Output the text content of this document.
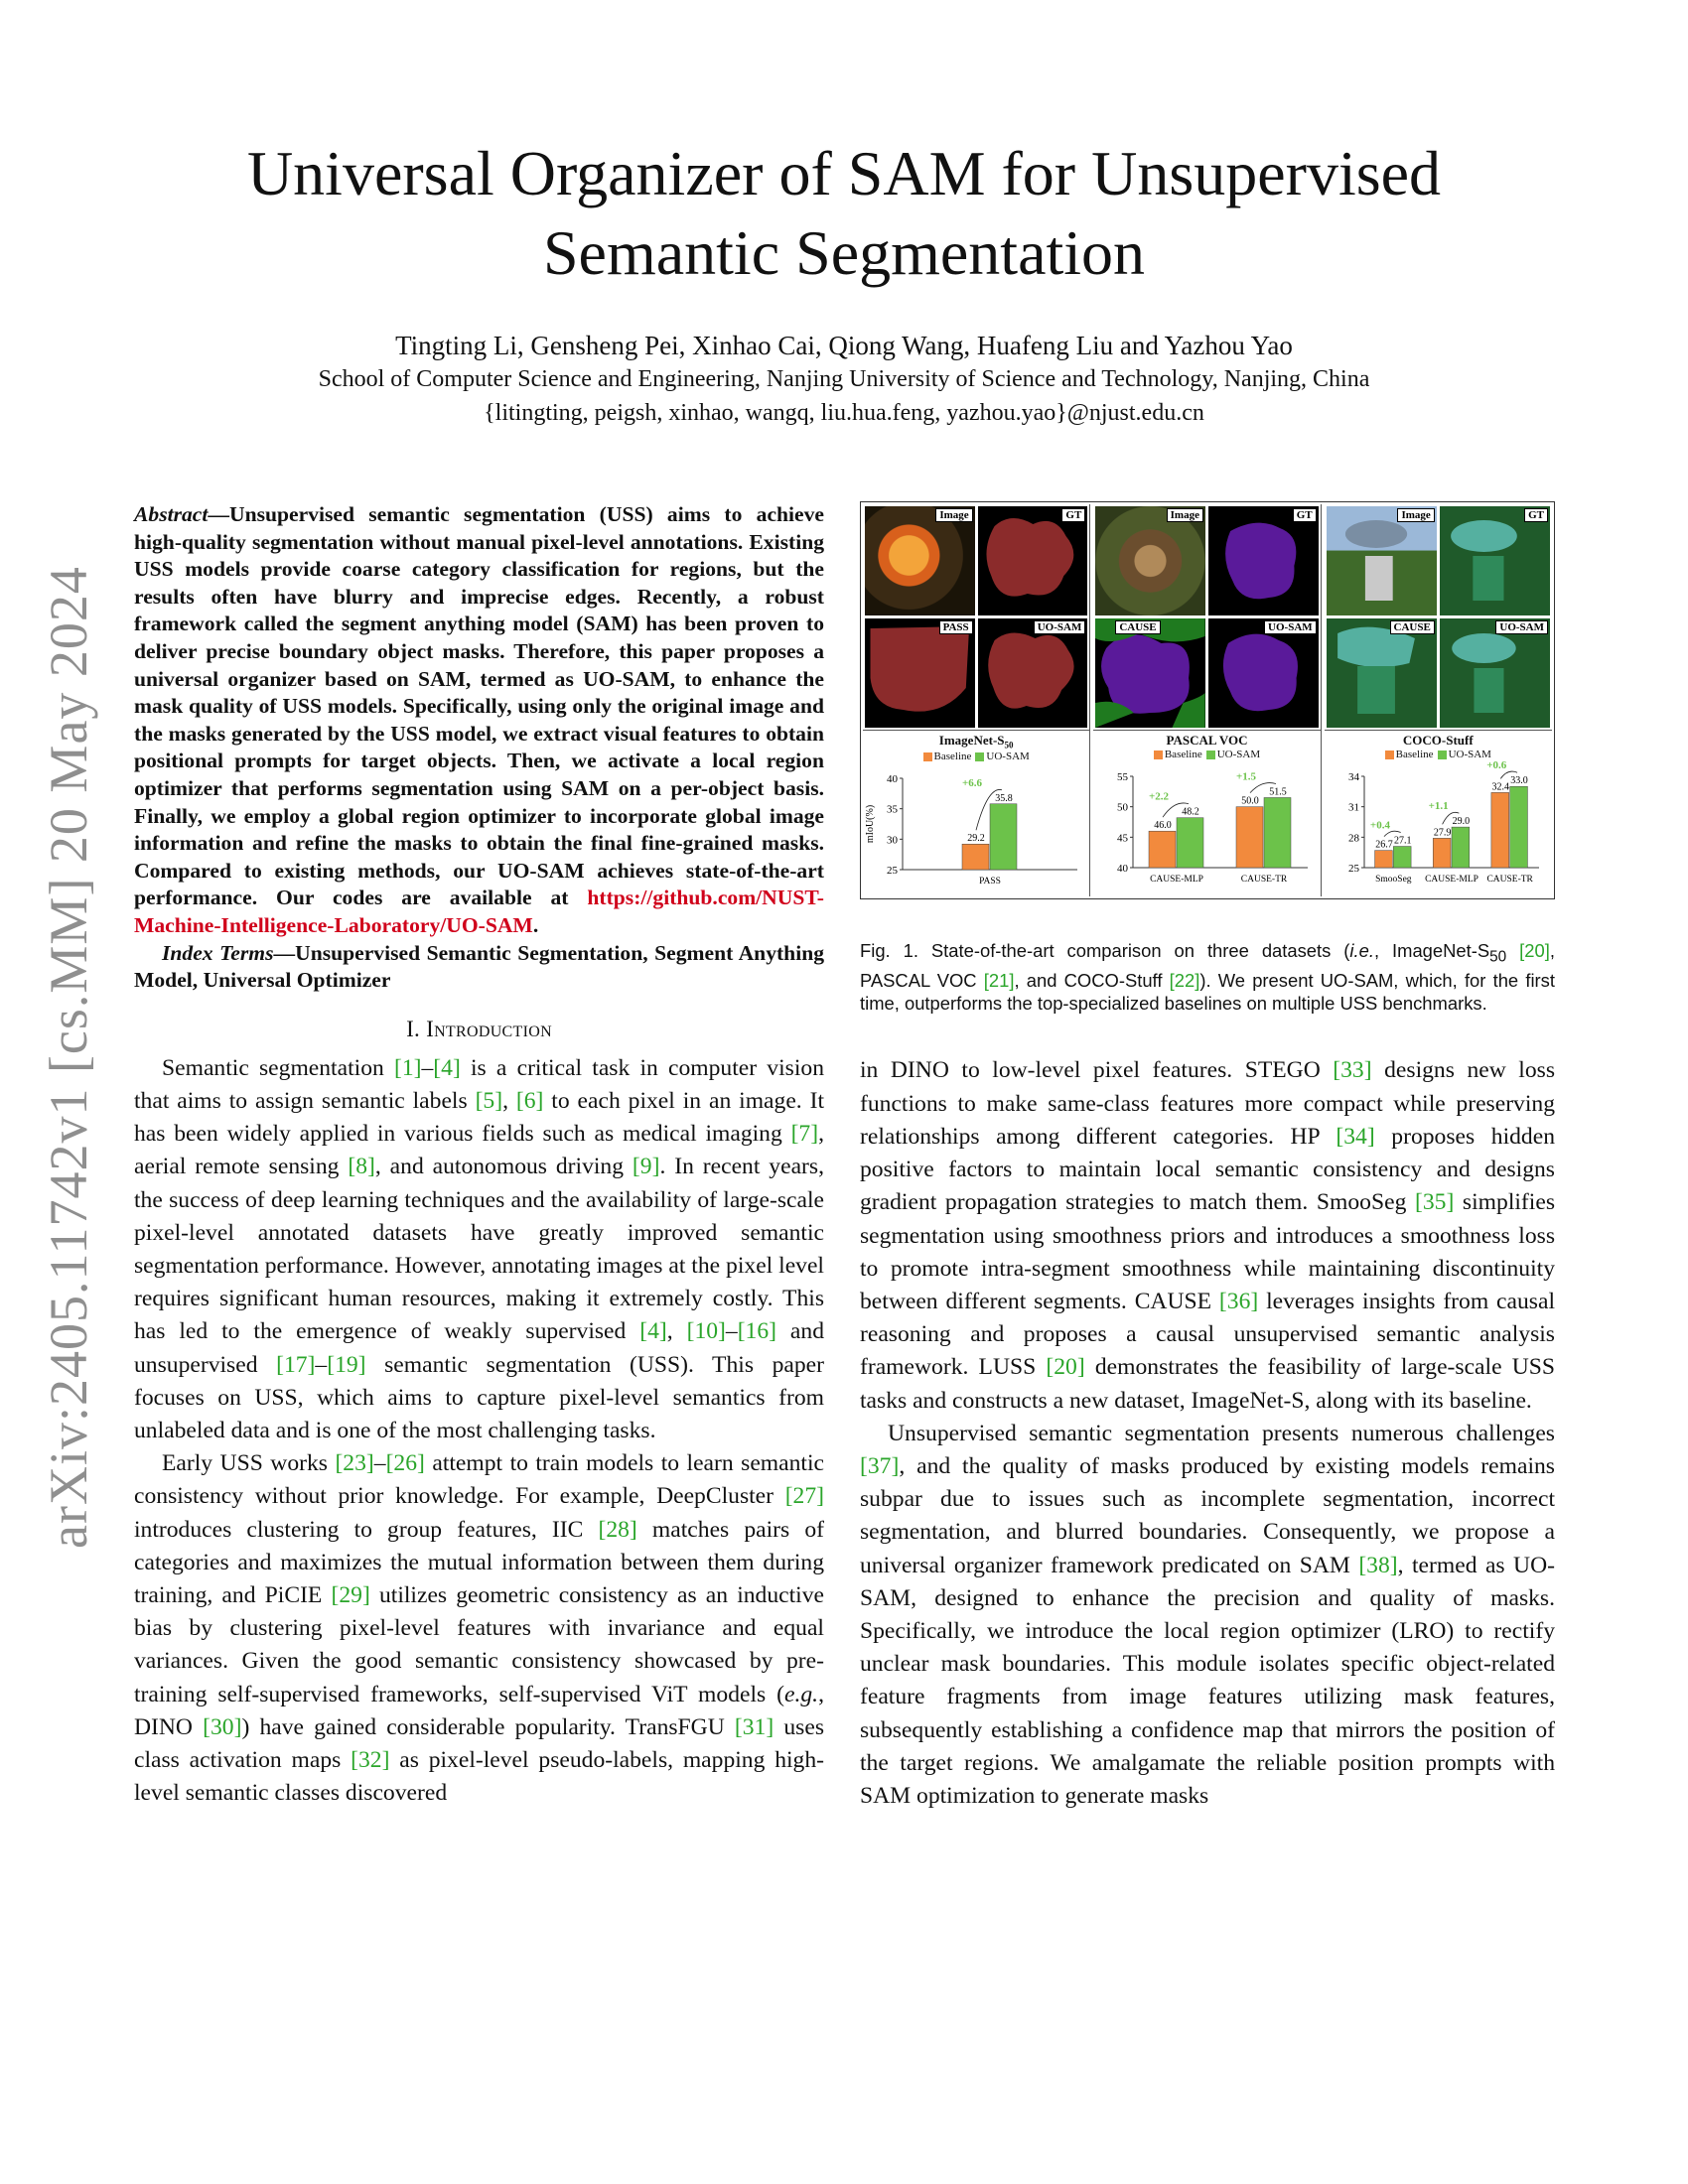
arXiv:2405.11742v1 [cs.MM] 20 May 2024
Universal Organizer of SAM for Unsupervised
Semantic Segmentation
Tingting Li, Gensheng Pei, Xinhao Cai, Qiong Wang, Huafeng Liu and Yazhou Yao
School of Computer Science and Engineering, Nanjing University of Science and Technology, Nanjing, China
{litingting, peigsh, xinhao, wangq, liu.hua.feng, yazhou.yao}@njust.edu.cn

Abstract—Unsupervised semantic segmentation (USS) aims to achieve high-quality segmentation without manual pixel-level annotations. Existing USS models provide coarse category classification for regions, but the results often have blurry and imprecise edges. Recently, a robust framework called the segment anything model (SAM) has been proven to deliver precise boundary object masks. Therefore, this paper proposes a universal organizer based on SAM, termed as UO-SAM, to enhance the mask quality of USS models. Specifically, using only the original image and the masks generated by the USS model, we extract visual features to obtain positional prompts for target objects. Then, we activate a local region optimizer that performs segmentation using SAM on a per-object basis. Finally, we employ a global region optimizer to incorporate global image information and refine the masks to obtain the final fine-grained masks. Compared to existing methods, our UO-SAM achieves state-of-the-art performance. Our codes are available at https://github.com/NUST-Machine-Intelligence-Laboratory/UO-SAM.

Index Terms—Unsupervised Semantic Segmentation, Segment Anything Model, Universal Optimizer

I. Introduction

Semantic segmentation [1]–[4] is a critical task in computer vision that aims to assign semantic labels [5], [6] to each pixel in an image. It has been widely applied in various fields such as medical imaging [7], aerial remote sensing [8], and autonomous driving [9]. In recent years, the success of deep learning techniques and the availability of large-scale pixel-level annotated datasets have greatly improved semantic segmentation performance. However, annotating images at the pixel level requires significant human resources, making it extremely costly. This has led to the emergence of weakly supervised [4], [10]–[16] and unsupervised [17]–[19] semantic segmentation (USS). This paper focuses on USS, which aims to capture pixel-level semantics from unlabeled data and is one of the most challenging tasks.

Early USS works [23]–[26] attempt to train models to learn semantic consistency without prior knowledge. For example, DeepCluster [27] introduces clustering to group features, IIC [28] matches pairs of categories and maximizes the mutual information between them during training, and PiCIE [29] utilizes geometric consistency as an inductive bias by clustering pixel-level features with invariance and equal variances. Given the good semantic consistency showcased by pre-training self-supervised frameworks, self-supervised ViT models (e.g., DINO [30]) have gained considerable popularity. TransFGU [31] uses class activation maps [32] as pixel-level pseudo-labels, mapping high-level semantic classes discovered

Image	GT
PASS	UO-SAM
ImageNet-$S_{50}$
Baseline	UO-SAM
25
30
35
40
mIoU(%)	29.2
35.8
+6.6
PASS
Image	GT
CAUSE	UO-SAM
PASCAL VOC
Baseline	UO-SAM
40
45
50
55
46.0
48.2
+2.2
CAUSE-MLP
50.0
51.5
+1.5
CAUSE-TR
Image	GT
CAUSE	UO-SAM
COCO-Stuff
Baseline	UO-SAM
25
28
31
34
26.7 27.1
+0.4
SmooSeg
27.9
29.0
+1.1
CAUSE-MLP
32.4
33.0
+0.6
CAUSE-TR

Fig. 1. State-of-the-art comparison on three datasets (i.e., ImageNet-$S_{50}$ [20], PASCAL VOC [21], and COCO-Stuff [22]). We present UO-SAM, which, for the first time, outperforms the top-specialized baselines on multiple USS benchmarks.

in DINO to low-level pixel features. STEGO [33] designs new loss functions to make same-class features more compact while preserving relationships among different categories. HP [34] proposes hidden positive factors to maintain local semantic consistency and designs gradient propagation strategies to match them. SmooSeg [35] simplifies segmentation using smoothness priors and introduces a smoothness loss to promote intra-segment smoothness while maintaining discontinuity between different segments. CAUSE [36] leverages insights from causal reasoning and proposes a causal unsupervised semantic analysis framework. LUSS [20] demonstrates the feasibility of large-scale USS tasks and constructs a new dataset, ImageNet-S, along with its baseline.

Unsupervised semantic segmentation presents numerous challenges [37], and the quality of masks produced by existing models remains subpar due to issues such as incomplete segmentation, incorrect segmentation, and blurred boundaries. Consequently, we propose a universal organizer framework predicated on SAM [38], termed as UO-SAM, designed to enhance the precision and quality of masks. Specifically, we introduce the local region optimizer (LRO) to rectify unclear mask boundaries. This module isolates specific object-related feature fragments from image features utilizing mask features, subsequently establishing a confidence map that mirrors the position of the target regions. We amalgamate the reliable position prompts with SAM optimization to generate masks
